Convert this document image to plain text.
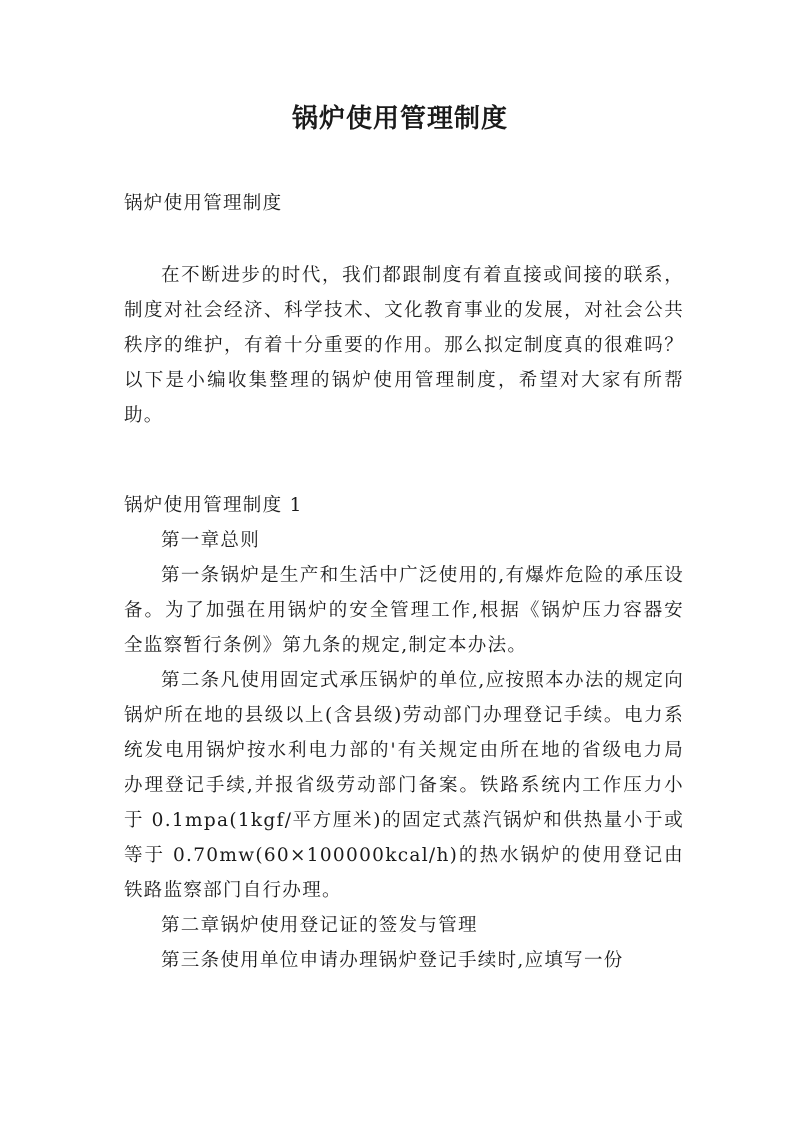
锅炉使用管理制度

锅炉使用管理制度

在不断进步的时代，我们都跟制度有着直接或间接的联系，制度对社会经济、科学技术、文化教育事业的发展，对社会公共秩序的维护，有着十分重要的作用。那么拟定制度真的很难吗？以下是小编收集整理的锅炉使用管理制度，希望对大家有所帮助。

锅炉使用管理制度 1

第一章总则

第一条锅炉是生产和生活中广泛使用的,有爆炸危险的承压设备。为了加强在用锅炉的安全管理工作,根据《锅炉压力容器安全监察暂行条例》第九条的规定,制定本办法。

第二条凡使用固定式承压锅炉的单位,应按照本办法的规定向锅炉所在地的县级以上(含县级)劳动部门办理登记手续。电力系统发电用锅炉按水利电力部的'有关规定由所在地的省级电力局办理登记手续,并报省级劳动部门备案。铁路系统内工作压力小于 0.1mpa(1kgf/平方厘米)的固定式蒸汽锅炉和供热量小于或等于 0.70mw(60×100000kcal/h)的热水锅炉的使用登记由铁路监察部门自行办理。

第二章锅炉使用登记证的签发与管理

第三条使用单位申请办理锅炉登记手续时,应填写一份
